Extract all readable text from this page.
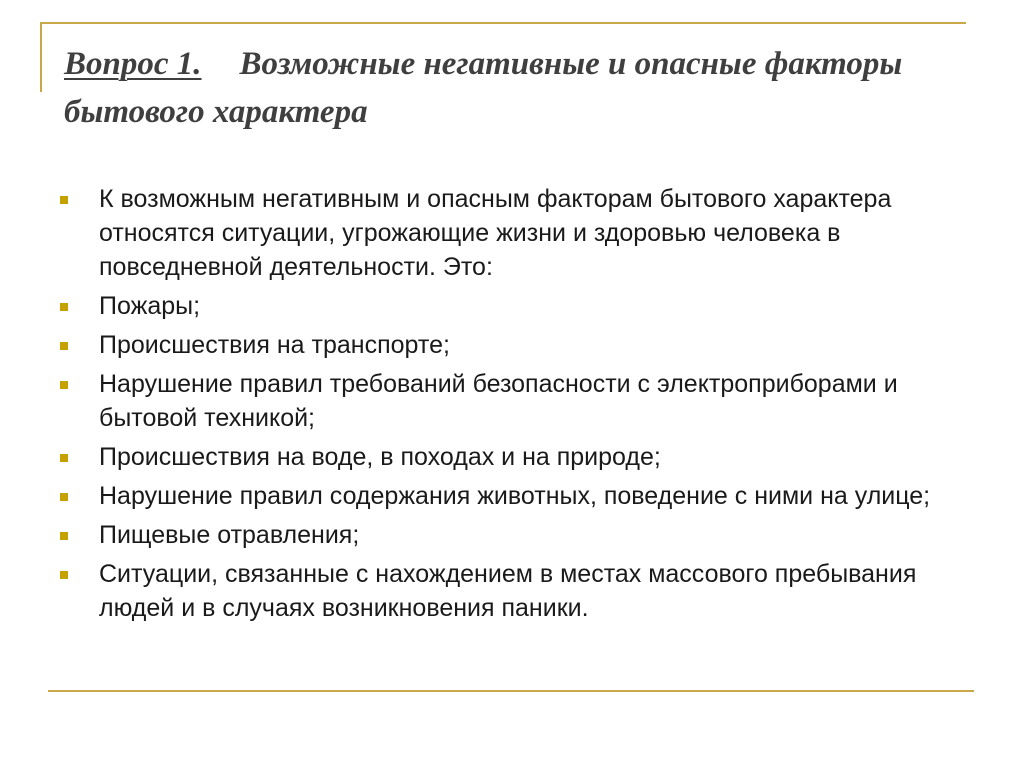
Вопрос 1. Возможные негативные и опасные факторы бытового характера
К возможным негативным и опасным факторам бытового характера относятся ситуации, угрожающие жизни и здоровью человека в повседневной деятельности. Это:
Пожары;
Происшествия на транспорте;
Нарушение правил требований безопасности с электроприборами и бытовой техникой;
Происшествия на воде, в походах и на природе;
Нарушение правил содержания животных, поведение с ними на улице;
Пищевые отравления;
Ситуации, связанные с нахождением в местах массового пребывания людей и в случаях возникновения паники.
